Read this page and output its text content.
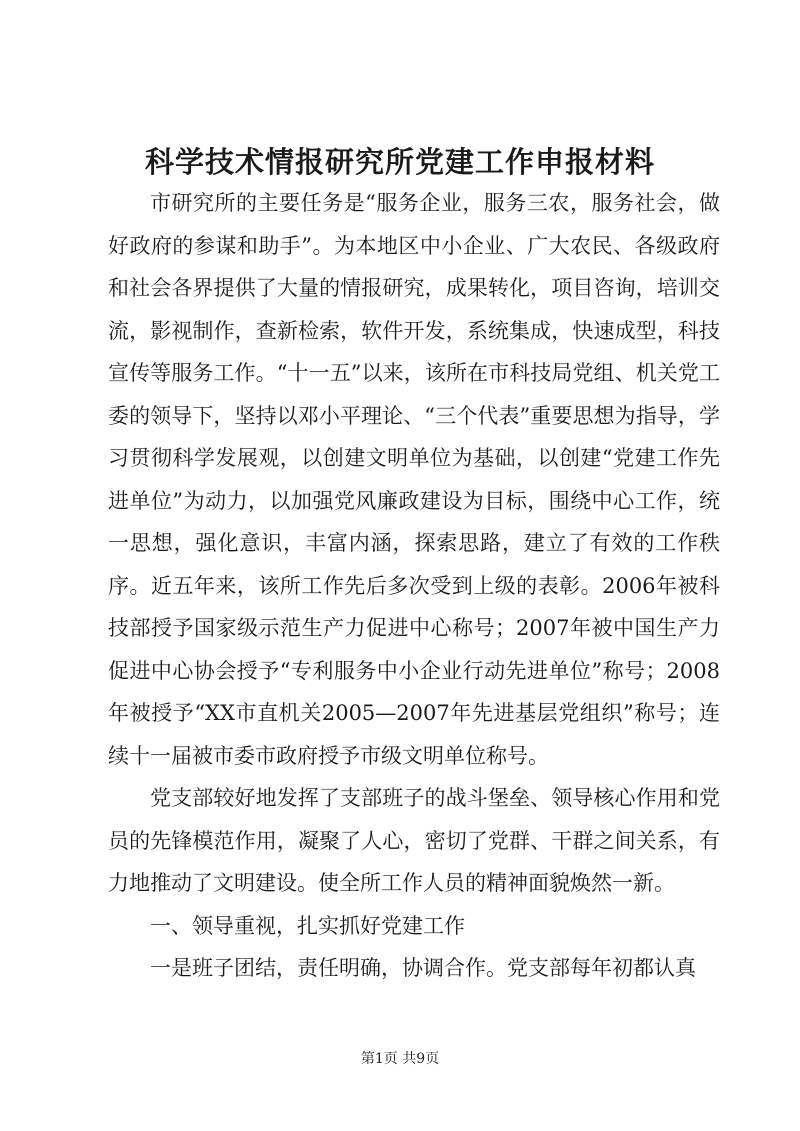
科学技术情报研究所党建工作申报材料

市研究所的主要任务是“服务企业，服务三农，服务社会，做好政府的参谋和助手”。为本地区中小企业、广大农民、各级政府和社会各界提供了大量的情报研究，成果转化，项目咨询，培训交流，影视制作，查新检索，软件开发，系统集成，快速成型，科技宣传等服务工作。“十一五”以来，该所在市科技局党组、机关党工委的领导下，坚持以邓小平理论、“三个代表”重要思想为指导，学习贯彻科学发展观，以创建文明单位为基础，以创建“党建工作先进单位”为动力，以加强党风廉政建设为目标，围绕中心工作，统一思想，强化意识，丰富内涵，探索思路，建立了有效的工作秩序。近五年来，该所工作先后多次受到上级的表彰。2006年被科技部授予国家级示范生产力促进中心称号；2007年被中国生产力促进中心协会授予“专利服务中小企业行动先进单位”称号；2008年被授予“XX市直机关2005—2007年先进基层党组织”称号；连续十一届被市委市政府授予市级文明单位称号。

党支部较好地发挥了支部班子的战斗堡垒、领导核心作用和党员的先锋模范作用，凝聚了人心，密切了党群、干群之间关系，有力地推动了文明建设。使全所工作人员的精神面貌焕然一新。

一、领导重视，扎实抓好党建工作

一是班子团结，责任明确，协调合作。党支部每年初都认真

第1页 共9页
